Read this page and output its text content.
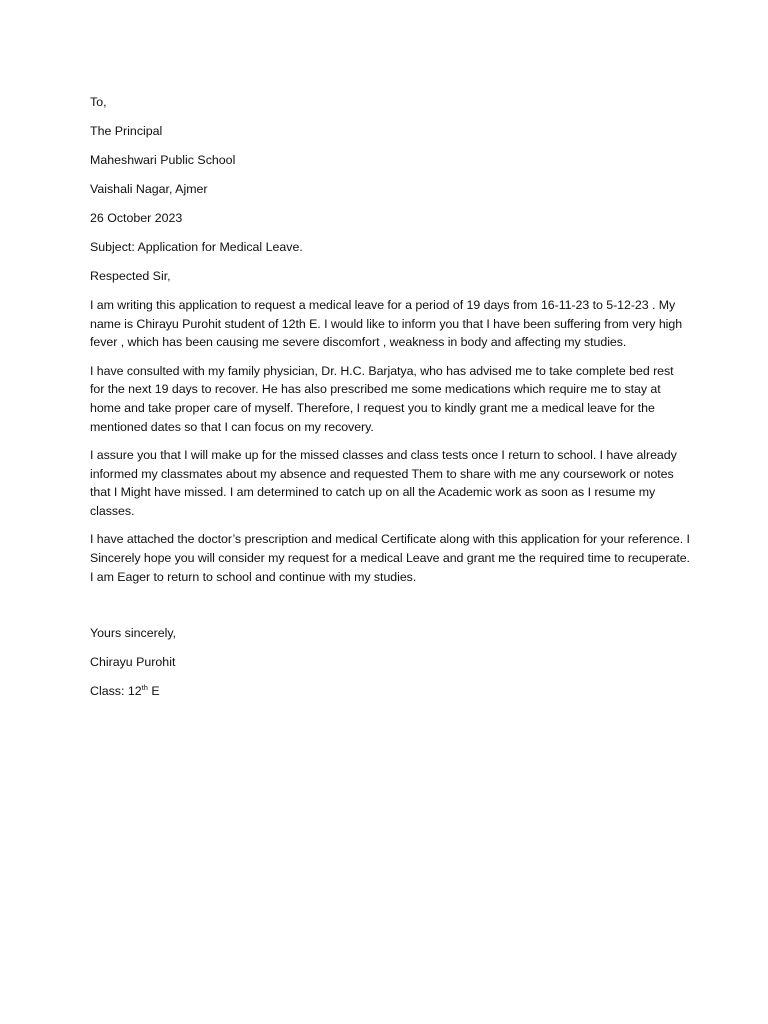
To,
The Principal
Maheshwari Public School
Vaishali Nagar, Ajmer
26 October 2023
Subject: Application for Medical Leave.
Respected Sir,

I am writing this application to request a medical leave for a period of 19 days from 16-11-23 to 5-12-23 . My name is Chirayu Purohit student of 12th E. I would like to inform you that I have been suffering from very high fever , which has been causing me severe discomfort , weakness in body and affecting my studies.

I have consulted with my family physician, Dr. H.C. Barjatya, who has advised me to take complete bed rest for the next 19 days to recover. He has also prescribed me some medications which require me to stay at home and take proper care of myself. Therefore, I request you to kindly grant me a medical leave for the mentioned dates so that I can focus on my recovery.

I assure you that I will make up for the missed classes and class tests once I return to school. I have already informed my classmates about my absence and requested Them to share with me any coursework or notes that I Might have missed. I am determined to catch up on all the Academic work as soon as I resume my classes.

I have attached the doctor’s prescription and medical Certificate along with this application for your reference. I Sincerely hope you will consider my request for a medical Leave and grant me the required time to recuperate. I am Eager to return to school and continue with my studies.

Yours sincerely,
Chirayu Purohit
Class: 12th E
